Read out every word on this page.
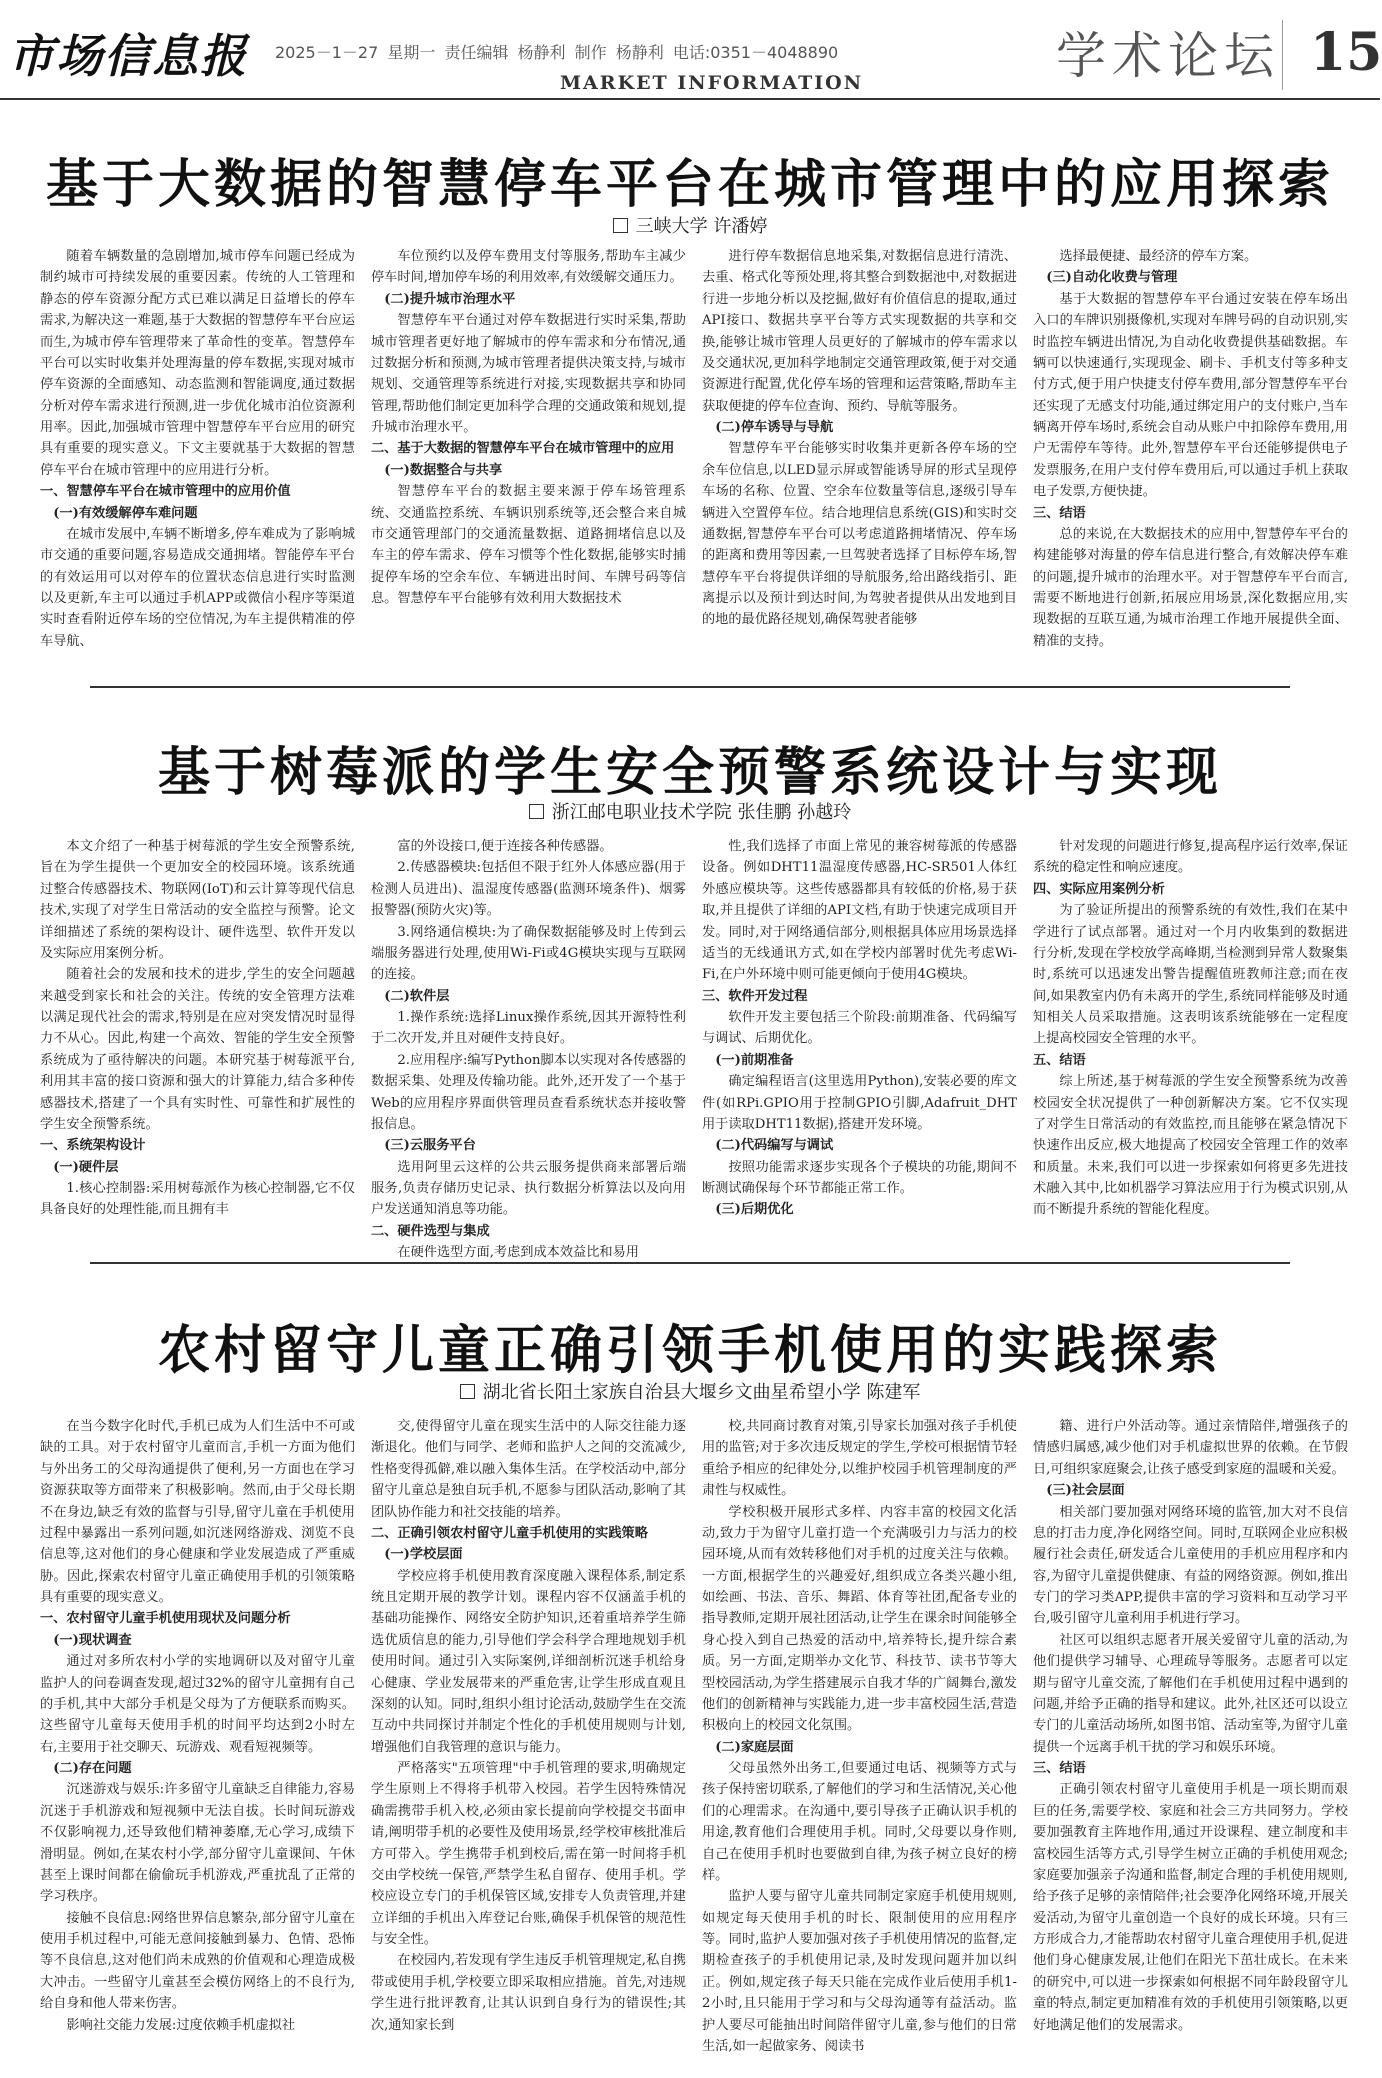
市场信息报 2025－1－27 星期一 责任编辑 杨静利 制作 杨静利 电话:0351－4048890
MARKET INFORMATION	学术论坛 15
基于大数据的智慧停车平台在城市管理中的应用探索
三峡大学 许潘婷

随着车辆数量的急剧增加,城市停车问题已经成为制约城市可持续发展的重要因素。传统的人工管理和静态的停车资源分配方式已难以满足日益增长的停车需求,为解决这一难题,基于大数据的智慧停车平台应运而生,为城市停车管理带来了革命性的变革。智慧停车平台可以实时收集并处理海量的停车数据,实现对城市停车资源的全面感知、动态监测和智能调度,通过数据分析对停车需求进行预测,进一步优化城市泊位资源利用率。因此,加强城市管理中智慧停车平台应用的研究具有重要的现实意义。下文主要就基于大数据的智慧停车平台在城市管理中的应用进行分析。

一、智慧停车平台在城市管理中的应用价值

(一)有效缓解停车难问题

在城市发展中,车辆不断增多,停车难成为了影响城市交通的重要问题,容易造成交通拥堵。智能停车平台的有效运用可以对停车的位置状态信息进行实时监测以及更新,车主可以通过手机APP或微信小程序等渠道实时查看附近停车场的空位情况,为车主提供精准的停车导航、

车位预约以及停车费用支付等服务,帮助车主减少停车时间,增加停车场的利用效率,有效缓解交通压力。

(二)提升城市治理水平

智慧停车平台通过对停车数据进行实时采集,帮助城市管理者更好地了解城市的停车需求和分布情况,通过数据分析和预测,为城市管理者提供决策支持,与城市规划、交通管理等系统进行对接,实现数据共享和协同管理,帮助他们制定更加科学合理的交通政策和规划,提升城市治理水平。

二、基于大数据的智慧停车平台在城市管理中的应用

(一)数据整合与共享

智慧停车平台的数据主要来源于停车场管理系统、交通监控系统、车辆识别系统等,还会整合来自城市交通管理部门的交通流量数据、道路拥堵信息以及车主的停车需求、停车习惯等个性化数据,能够实时捕捉停车场的空余车位、车辆进出时间、车牌号码等信息。智慧停车平台能够有效利用大数据技术

进行停车数据信息地采集,对数据信息进行清洗、去重、格式化等预处理,将其整合到数据池中,对数据进行进一步地分析以及挖掘,做好有价值信息的提取,通过API接口、数据共享平台等方式实现数据的共享和交换,能够让城市管理人员更好的了解城市的停车需求以及交通状况,更加科学地制定交通管理政策,便于对交通资源进行配置,优化停车场的管理和运营策略,帮助车主获取便捷的停车位查询、预约、导航等服务。

(二)停车诱导与导航

智慧停车平台能够实时收集并更新各停车场的空余车位信息,以LED显示屏或智能诱导屏的形式呈现停车场的名称、位置、空余车位数量等信息,逐级引导车辆进入空置停车位。结合地理信息系统(GIS)和实时交通数据,智慧停车平台可以考虑道路拥堵情况、停车场的距离和费用等因素,一旦驾驶者选择了目标停车场,智慧停车平台将提供详细的导航服务,给出路线指引、距离提示以及预计到达时间,为驾驶者提供从出发地到目的地的最优路径规划,确保驾驶者能够

选择最便捷、最经济的停车方案。

(三)自动化收费与管理

基于大数据的智慧停车平台通过安装在停车场出入口的车牌识别摄像机,实现对车牌号码的自动识别,实时监控车辆进出情况,为自动化收费提供基础数据。车辆可以快速通行,实现现金、刷卡、手机支付等多种支付方式,便于用户快捷支付停车费用,部分智慧停车平台还实现了无感支付功能,通过绑定用户的支付账户,当车辆离开停车场时,系统会自动从账户中扣除停车费用,用户无需停车等待。此外,智慧停车平台还能够提供电子发票服务,在用户支付停车费用后,可以通过手机上获取电子发票,方便快捷。

三、结语

总的来说,在大数据技术的应用中,智慧停车平台的构建能够对海量的停车信息进行整合,有效解决停车难的问题,提升城市的治理水平。对于智慧停车平台而言,需要不断地进行创新,拓展应用场景,深化数据应用,实现数据的互联互通,为城市治理工作地开展提供全面、精准的支持。

基于树莓派的学生安全预警系统设计与实现
浙江邮电职业技术学院 张佳鹏 孙越玲

本文介绍了一种基于树莓派的学生安全预警系统,旨在为学生提供一个更加安全的校园环境。该系统通过整合传感器技术、物联网(IoT)和云计算等现代信息技术,实现了对学生日常活动的安全监控与预警。论文详细描述了系统的架构设计、硬件选型、软件开发以及实际应用案例分析。

随着社会的发展和技术的进步,学生的安全问题越来越受到家长和社会的关注。传统的安全管理方法难以满足现代社会的需求,特别是在应对突发情况时显得力不从心。因此,构建一个高效、智能的学生安全预警系统成为了亟待解决的问题。本研究基于树莓派平台,利用其丰富的接口资源和强大的计算能力,结合多种传感器技术,搭建了一个具有实时性、可靠性和扩展性的学生安全预警系统。

一、系统架构设计

(一)硬件层

1.核心控制器:采用树莓派作为核心控制器,它不仅具备良好的处理性能,而且拥有丰

富的外设接口,便于连接各种传感器。

2.传感器模块:包括但不限于红外人体感应器(用于检测人员进出)、温湿度传感器(监测环境条件)、烟雾报警器(预防火灾)等。

3.网络通信模块:为了确保数据能够及时上传到云端服务器进行处理,使用Wi-Fi或4G模块实现与互联网的连接。

(二)软件层

1.操作系统:选择Linux操作系统,因其开源特性利于二次开发,并且对硬件支持良好。

2.应用程序:编写Python脚本以实现对各传感器的数据采集、处理及传输功能。此外,还开发了一个基于Web的应用程序界面供管理员查看系统状态并接收警报信息。

(三)云服务平台

选用阿里云这样的公共云服务提供商来部署后端服务,负责存储历史记录、执行数据分析算法以及向用户发送通知消息等功能。

二、硬件选型与集成

在硬件选型方面,考虑到成本效益比和易用

性,我们选择了市面上常见的兼容树莓派的传感器设备。例如DHT11温湿度传感器,HC-SR501人体红外感应模块等。这些传感器都具有较低的价格,易于获取,并且提供了详细的API文档,有助于快速完成项目开发。同时,对于网络通信部分,则根据具体应用场景选择适当的无线通讯方式,如在学校内部署时优先考虑Wi-Fi,在户外环境中则可能更倾向于使用4G模块。

三、软件开发过程

软件开发主要包括三个阶段:前期准备、代码编写与调试、后期优化。

(一)前期准备

确定编程语言(这里选用Python),安装必要的库文件(如RPi.GPIO用于控制GPIO引脚,Adafruit_DHT用于读取DHT11数据),搭建开发环境。

(二)代码编写与调试

按照功能需求逐步实现各个子模块的功能,期间不断测试确保每个环节都能正常工作。

(三)后期优化

针对发现的问题进行修复,提高程序运行效率,保证系统的稳定性和响应速度。

四、实际应用案例分析

为了验证所提出的预警系统的有效性,我们在某中学进行了试点部署。通过对一个月内收集到的数据进行分析,发现在学校放学高峰期,当检测到异常人数聚集时,系统可以迅速发出警告提醒值班教师注意;而在夜间,如果教室内仍有未离开的学生,系统同样能够及时通知相关人员采取措施。这表明该系统能够在一定程度上提高校园安全管理的水平。

五、结语

综上所述,基于树莓派的学生安全预警系统为改善校园安全状况提供了一种创新解决方案。它不仅实现了对学生日常活动的有效监控,而且能够在紧急情况下快速作出反应,极大地提高了校园安全管理工作的效率和质量。未来,我们可以进一步探索如何将更多先进技术融入其中,比如机器学习算法应用于行为模式识别,从而不断提升系统的智能化程度。

农村留守儿童正确引领手机使用的实践探索
湖北省长阳土家族自治县大堰乡文曲星希望小学 陈建军

在当今数字化时代,手机已成为人们生活中不可或缺的工具。对于农村留守儿童而言,手机一方面为他们与外出务工的父母沟通提供了便利,另一方面也在学习资源获取等方面带来了积极影响。然而,由于父母长期不在身边,缺乏有效的监督与引导,留守儿童在手机使用过程中暴露出一系列问题,如沉迷网络游戏、浏览不良信息等,这对他们的身心健康和学业发展造成了严重威胁。因此,探索农村留守儿童正确使用手机的引领策略具有重要的现实意义。

一、农村留守儿童手机使用现状及问题分析

(一)现状调查

通过对多所农村小学的实地调研以及对留守儿童监护人的问卷调查发现,超过32%的留守儿童拥有自己的手机,其中大部分手机是父母为了方便联系而购买。这些留守儿童每天使用手机的时间平均达到2小时左右,主要用于社交聊天、玩游戏、观看短视频等。

(二)存在问题

沉迷游戏与娱乐:许多留守儿童缺乏自律能力,容易沉迷于手机游戏和短视频中无法自拔。长时间玩游戏不仅影响视力,还导致他们精神萎靡,无心学习,成绩下滑明显。例如,在某农村小学,部分留守儿童课间、午休甚至上课时间都在偷偷玩手机游戏,严重扰乱了正常的学习秩序。

接触不良信息:网络世界信息繁杂,部分留守儿童在使用手机过程中,可能无意间接触到暴力、色情、恐怖等不良信息,这对他们尚未成熟的价值观和心理造成极大冲击。一些留守儿童甚至会模仿网络上的不良行为,给自身和他人带来伤害。

影响社交能力发展:过度依赖手机虚拟社

交,使得留守儿童在现实生活中的人际交往能力逐渐退化。他们与同学、老师和监护人之间的交流减少,性格变得孤僻,难以融入集体生活。在学校活动中,部分留守儿童总是独自玩手机,不愿参与团队活动,影响了其团队协作能力和社交技能的培养。

二、正确引领农村留守儿童手机使用的实践策略

(一)学校层面

学校应将手机使用教育深度融入课程体系,制定系统且定期开展的教学计划。课程内容不仅涵盖手机的基础功能操作、网络安全防护知识,还着重培养学生筛选优质信息的能力,引导他们学会科学合理地规划手机使用时间。通过引入实际案例,详细剖析沉迷手机给身心健康、学业发展带来的严重危害,让学生形成直观且深刻的认知。同时,组织小组讨论活动,鼓励学生在交流互动中共同探讨并制定个性化的手机使用规则与计划,增强他们自我管理的意识与能力。

严格落实"五项管理"中手机管理的要求,明确规定学生原则上不得将手机带入校园。若学生因特殊情况确需携带手机入校,必须由家长提前向学校提交书面申请,阐明带手机的必要性及使用场景,经学校审核批准后方可带入。学生携带手机到校后,需在第一时间将手机交由学校统一保管,严禁学生私自留存、使用手机。学校应设立专门的手机保管区域,安排专人负责管理,并建立详细的手机出入库登记台账,确保手机保管的规范性与安全性。

在校园内,若发现有学生违反手机管理规定,私自携带或使用手机,学校要立即采取相应措施。首先,对违规学生进行批评教育,让其认识到自身行为的错误性;其次,通知家长到

校,共同商讨教育对策,引导家长加强对孩子手机使用的监管;对于多次违反规定的学生,学校可根据情节轻重给予相应的纪律处分,以维护校园手机管理制度的严肃性与权威性。

学校积极开展形式多样、内容丰富的校园文化活动,致力于为留守儿童打造一个充满吸引力与活力的校园环境,从而有效转移他们对手机的过度关注与依赖。一方面,根据学生的兴趣爱好,组织成立各类兴趣小组,如绘画、书法、音乐、舞蹈、体育等社团,配备专业的指导教师,定期开展社团活动,让学生在课余时间能够全身心投入到自己热爱的活动中,培养特长,提升综合素质。另一方面,定期举办文化节、科技节、读书节等大型校园活动,为学生搭建展示自我才华的广阔舞台,激发他们的创新精神与实践能力,进一步丰富校园生活,营造积极向上的校园文化氛围。

(二)家庭层面

父母虽然外出务工,但要通过电话、视频等方式与孩子保持密切联系,了解他们的学习和生活情况,关心他们的心理需求。在沟通中,要引导孩子正确认识手机的用途,教育他们合理使用手机。同时,父母要以身作则,自己在使用手机时也要做到自律,为孩子树立良好的榜样。

监护人要与留守儿童共同制定家庭手机使用规则,如规定每天使用手机的时长、限制使用的应用程序等。同时,监护人要加强对孩子手机使用情况的监督,定期检查孩子的手机使用记录,及时发现问题并加以纠正。例如,规定孩子每天只能在完成作业后使用手机1-2小时,且只能用于学习和与父母沟通等有益活动。监护人要尽可能抽出时间陪伴留守儿童,参与他们的日常生活,如一起做家务、阅读书

籍、进行户外活动等。通过亲情陪伴,增强孩子的情感归属感,减少他们对手机虚拟世界的依赖。在节假日,可组织家庭聚会,让孩子感受到家庭的温暖和关爱。

(三)社会层面

相关部门要加强对网络环境的监管,加大对不良信息的打击力度,净化网络空间。同时,互联网企业应积极履行社会责任,研发适合儿童使用的手机应用程序和内容,为留守儿童提供健康、有益的网络资源。例如,推出专门的学习类APP,提供丰富的学习资料和互动学习平台,吸引留守儿童利用手机进行学习。

社区可以组织志愿者开展关爱留守儿童的活动,为他们提供学习辅导、心理疏导等服务。志愿者可以定期与留守儿童交流,了解他们在手机使用过程中遇到的问题,并给予正确的指导和建议。此外,社区还可以设立专门的儿童活动场所,如图书馆、活动室等,为留守儿童提供一个远离手机干扰的学习和娱乐环境。

三、结语

正确引领农村留守儿童使用手机是一项长期而艰巨的任务,需要学校、家庭和社会三方共同努力。学校要加强教育主阵地作用,通过开设课程、建立制度和丰富校园生活等方式,引导学生树立正确的手机使用观念;家庭要加强亲子沟通和监督,制定合理的手机使用规则,给予孩子足够的亲情陪伴;社会要净化网络环境,开展关爱活动,为留守儿童创造一个良好的成长环境。只有三方形成合力,才能帮助农村留守儿童合理使用手机,促进他们身心健康发展,让他们在阳光下茁壮成长。在未来的研究中,可以进一步探索如何根据不同年龄段留守儿童的特点,制定更加精准有效的手机使用引领策略,以更好地满足他们的发展需求。
